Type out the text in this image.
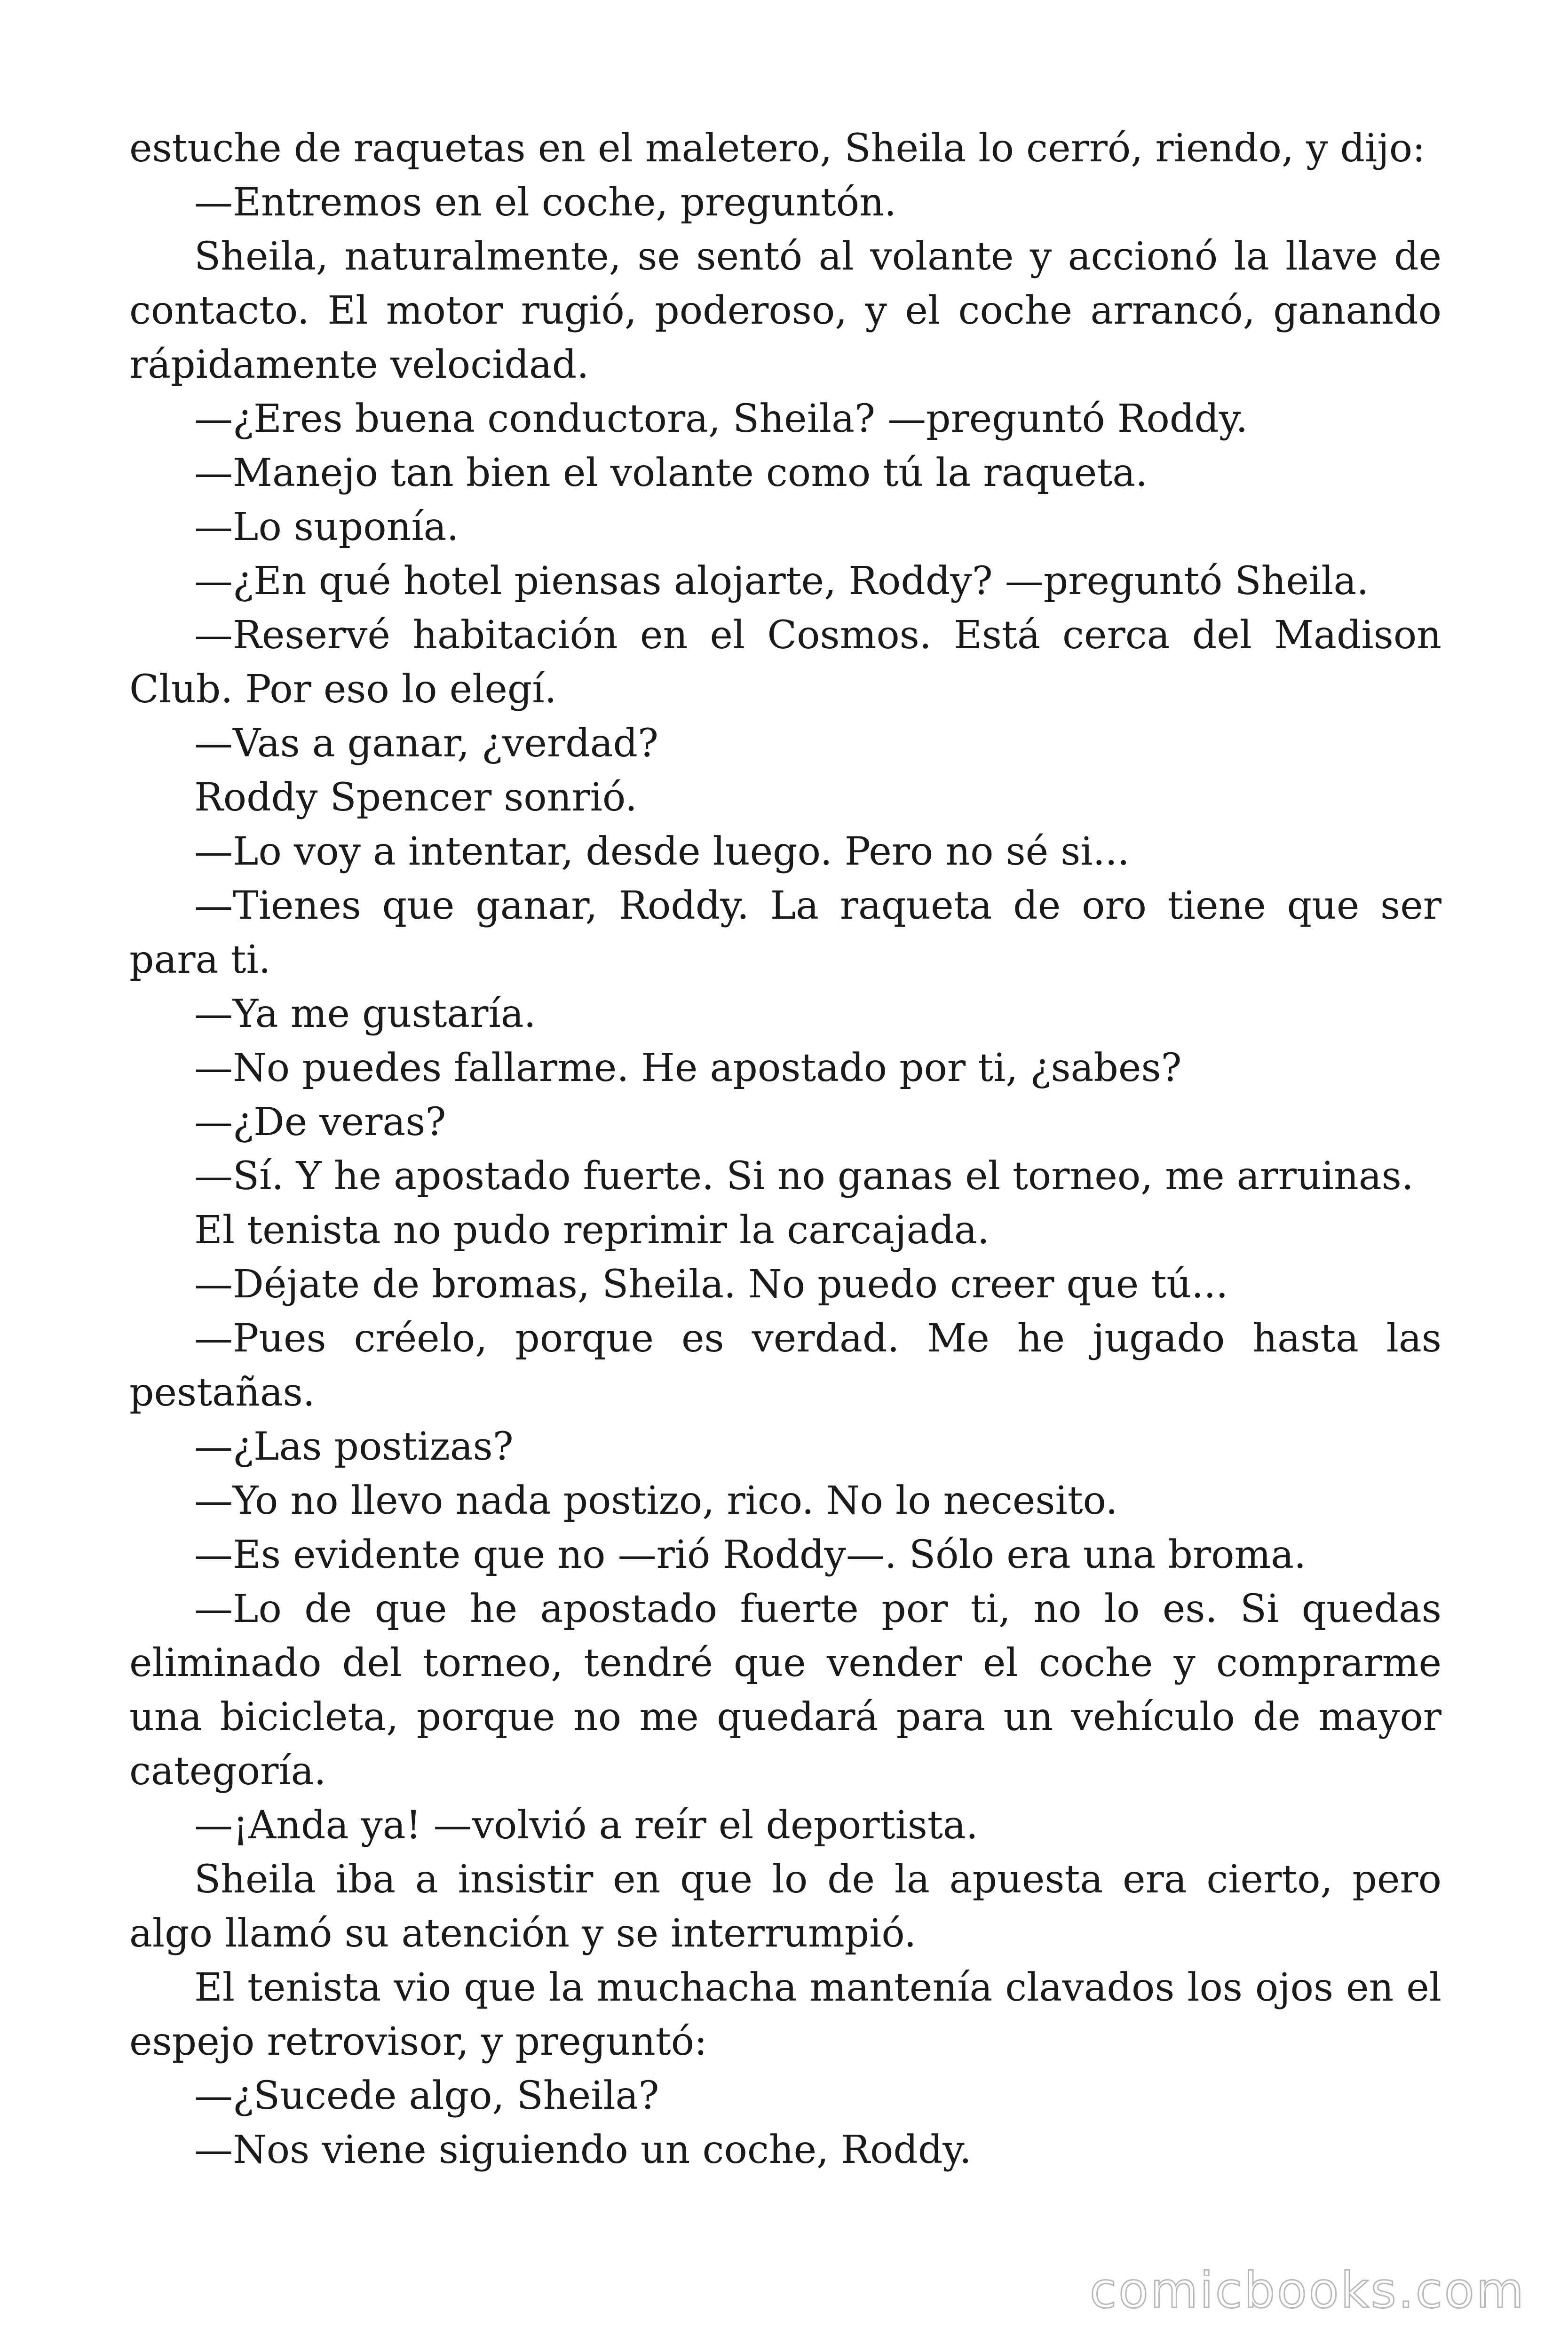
estuche de raquetas en el maletero, Sheila lo cerró, riendo, y dijo:

—Entremos en el coche, preguntón.

Sheila, naturalmente, se sentó al volante y accionó la llave de contacto. El motor rugió, poderoso, y el coche arrancó, ganando rápidamente velocidad.

—¿Eres buena conductora, Sheila? —preguntó Roddy.

—Manejo tan bien el volante como tú la raqueta.

—Lo suponía.

—¿En qué hotel piensas alojarte, Roddy? —preguntó Sheila.

—Reservé habitación en el Cosmos. Está cerca del Madison Club. Por eso lo elegí.

—Vas a ganar, ¿verdad?

Roddy Spencer sonrió.

—Lo voy a intentar, desde luego. Pero no sé si...

—Tienes que ganar, Roddy. La raqueta de oro tiene que ser para ti.

—Ya me gustaría.

—No puedes fallarme. He apostado por ti, ¿sabes?

—¿De veras?

—Sí. Y he apostado fuerte. Si no ganas el torneo, me arruinas.

El tenista no pudo reprimir la carcajada.

—Déjate de bromas, Sheila. No puedo creer que tú...

—Pues créelo, porque es verdad. Me he jugado hasta las pestañas.

—¿Las postizas?

—Yo no llevo nada postizo, rico. No lo necesito.

—Es evidente que no —rió Roddy—. Sólo era una broma.

—Lo de que he apostado fuerte por ti, no lo es. Si quedas eliminado del torneo, tendré que vender el coche y comprarme una bicicleta, porque no me quedará para un vehículo de mayor categoría.

—¡Anda ya! —volvió a reír el deportista.

Sheila iba a insistir en que lo de la apuesta era cierto, pero algo llamó su atención y se interrumpió.

El tenista vio que la muchacha mantenía clavados los ojos en el espejo retrovisor, y preguntó:

—¿Sucede algo, Sheila?

—Nos viene siguiendo un coche, Roddy.

comicbooks.com
